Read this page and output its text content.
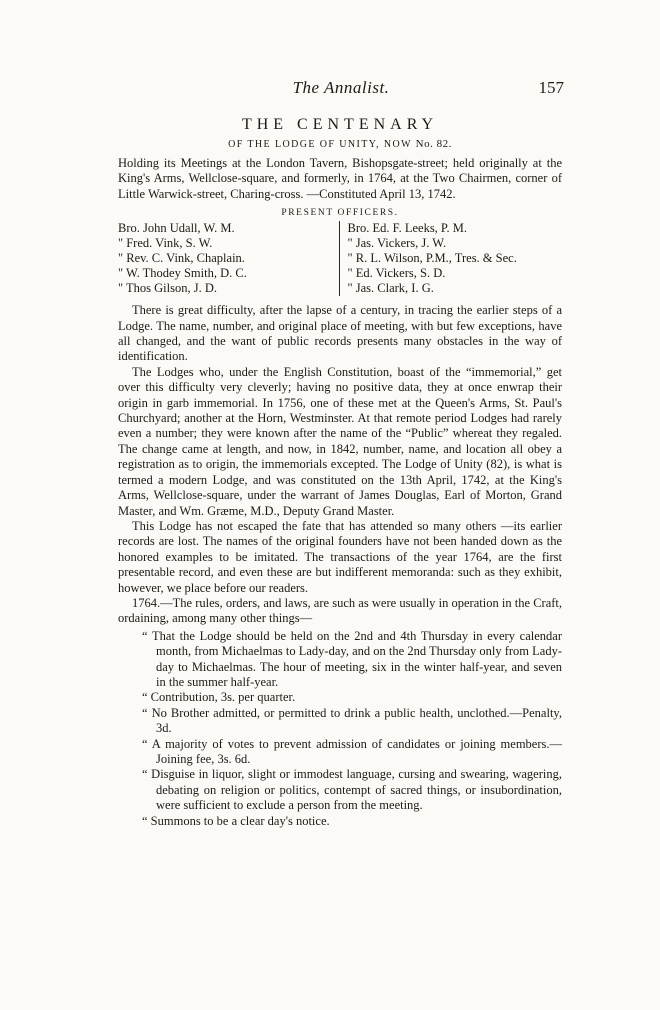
The Annalist.	157
THE CENTENARY
OF THE LODGE OF UNITY, NOW No. 82.

Holding its Meetings at the London Tavern, Bishopsgate-street; held originally at the King's Arms, Wellclose-square, and formerly, in 1764, at the Two Chairmen, corner of Little Warwick-street, Charing-cross. —Constituted April 13, 1742.

PRESENT OFFICERS.
Bro. John Udall, W. M.
" Fred. Vink, S. W.
" Rev. C. Vink, Chaplain.
" W. Thodey Smith, D. C.
" Thos Gilson, J. D.
Bro. Ed. F. Leeks, P. M.
" Jas. Vickers, J. W.
" R. L. Wilson, P.M., Tres. & Sec.
" Ed. Vickers, S. D.
" Jas. Clark, I. G.

There is great difficulty, after the lapse of a century, in tracing the earlier steps of a Lodge. The name, number, and original place of meeting, with but few exceptions, have all changed, and the want of public records presents many obstacles in the way of identification.

The Lodges who, under the English Constitution, boast of the “immemorial,” get over this difficulty very cleverly; having no positive data, they at once enwrap their origin in garb immemorial. In 1756, one of these met at the Queen's Arms, St. Paul's Churchyard; another at the Horn, Westminster. At that remote period Lodges had rarely even a number; they were known after the name of the “Public” whereat they regaled. The change came at length, and now, in 1842, number, name, and location all obey a registration as to origin, the immemorials excepted. The Lodge of Unity (82), is what is termed a modern Lodge, and was constituted on the 13th April, 1742, at the King's Arms, Wellclose-square, under the warrant of James Douglas, Earl of Morton, Grand Master, and Wm. Græme, M.D., Deputy Grand Master.

This Lodge has not escaped the fate that has attended so many others —its earlier records are lost. The names of the original founders have not been handed down as the honored examples to be imitated. The transactions of the year 1764, are the first presentable record, and even these are but indifferent memoranda: such as they exhibit, however, we place before our readers.

1764.—The rules, orders, and laws, are such as were usually in operation in the Craft, ordaining, among many other things—

“ That the Lodge should be held on the 2nd and 4th Thursday in every calendar month, from Michaelmas to Lady-day, and on the 2nd Thursday only from Lady-day to Michaelmas. The hour of meeting, six in the winter half-year, and seven in the summer half-year.

“ Contribution, 3s. per quarter.

“ No Brother admitted, or permitted to drink a public health, unclothed.—Penalty, 3d.

“ A majority of votes to prevent admission of candidates or joining members.—Joining fee, 3s. 6d.

“ Disguise in liquor, slight or immodest language, cursing and swearing, wagering, debating on religion or politics, contempt of sacred things, or insubordination, were sufficient to exclude a person from the meeting.

“ Summons to be a clear day's notice.
